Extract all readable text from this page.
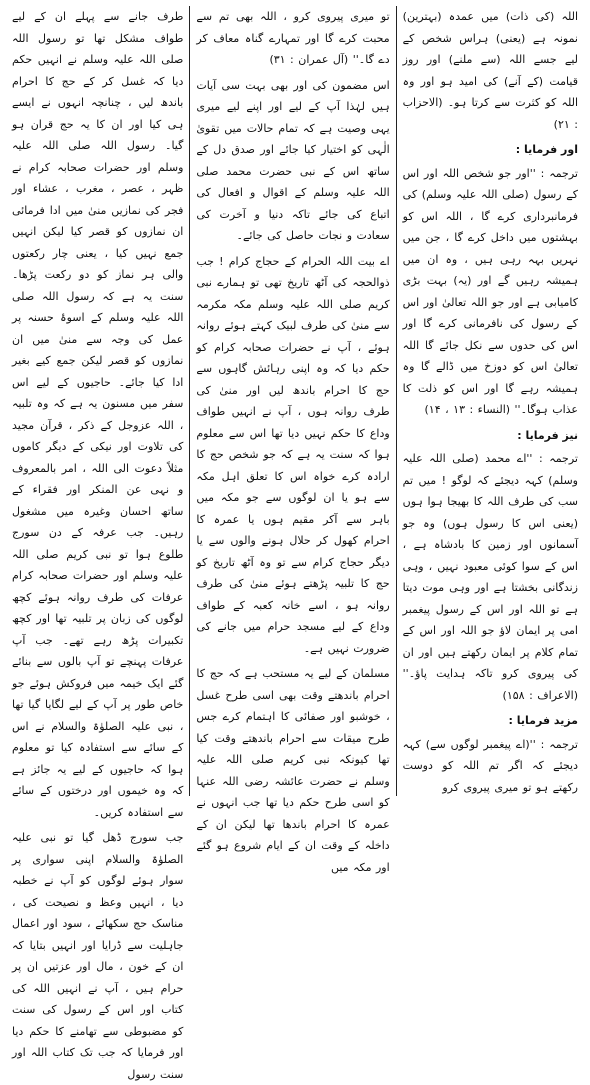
اللہ (کی ذات) میں عمدہ (بہترین) نمونہ ہے (یعنی) ہراس شخص کے لیے جسے اللہ (سے ملنے) اور روز قیامت (کے آنے) کی امید ہو اور وہ اللہ کو کثرت سے کرتا ہو۔ (الاحزاب : ۲۱)

اور فرمایا :

ترجمہ : ''اور جو شخص اللہ اور اس کے رسول (صلی اللہ علیہ وسلم) کی فرمانبرداری کرے گا ، اللہ اس کو بہشتوں میں داخل کرے گا ، جن میں نہریں بہہ رہی ہیں ، وہ ان میں ہمیشہ رہیں گے اور (یہ) بہت بڑی کامیابی ہے اور جو اللہ تعالیٰ اور اس کے رسول کی نافرمانی کرے گا اور اس کی حدوں سے نکل جائے گا اللہ تعالیٰ اس کو دوزخ میں ڈالے گا وہ ہمیشہ رہے گا اور اس کو ذلت کا عذاب ہوگا۔'' (النساء : ۱۳ ، ۱۴)

نیز فرمایا :

ترجمہ : ''اے محمد (صلی اللہ علیہ وسلم) کہہ دیجئے کہ لوگو ! میں تم سب کی طرف اللہ کا بھیجا ہوا ہوں (یعنی اس کا رسول ہوں) وہ جو آسمانوں اور زمین کا بادشاہ ہے ، اس کے سوا کوئی معبود نہیں ، وہی زندگانی بخشتا ہے اور وہی موت دیتا ہے تو اللہ اور اس کے رسول پیغمبر امی پر ایمان لاؤ جو اللہ اور اس کے تمام کلام پر ایمان رکھتے ہیں اور ان کی پیروی کرو تاکہ ہدایت پاؤ۔'' (الاعراف : ۱۵۸)

مزید فرمایا :

ترجمہ : ''(اے پیغمبر لوگوں سے) کہہ دیجئے کہ اگر تم اللہ کو دوست رکھتے ہو تو میری پیروی کرو

تو میری پیروی کرو ، اللہ بھی تم سے محبت کرے گا اور تمہارے گناہ معاف کر دے گا۔'' (آل عمران : ۳۱)

اس مضمون کی اور بھی بہت سی آیات ہیں لہٰذا آپ کے لیے اور اپنے لیے میری یہی وصیت ہے کہ تمام حالات میں تقویٰ الٰہی کو اختیار کیا جائے اور صدق دل کے ساتھ اس کے نبی حضرت محمد صلی اللہ علیہ وسلم کے اقوال و افعال کی اتباع کی جائے تاکہ دنیا و آخرت کی سعادت و نجات حاصل کی جائے۔

اے بیت اللہ الحرام کے حجاج کرام ! جب ذوالحجہ کی آٹھ تاریخ تھی تو ہمارے نبی کریم صلی اللہ علیہ وسلم مکہ مکرمہ سے منیٰ کی طرف لبیک کہتے ہوئے روانہ ہوئے ، آپ نے حضرات صحابہ کرام کو حکم دیا کہ وہ اپنی رہائش گاہوں سے حج کا احرام باندھ لیں اور منیٰ کی طرف روانہ ہوں ، آپ نے انہیں طواف وداع کا حکم نہیں دیا تھا اس سے معلوم ہوا کہ سنت یہ ہے کہ جو شخص حج کا ارادہ کرے خواہ اس کا تعلق اہل مکہ سے ہو یا ان لوگوں سے جو مکہ میں باہر سے آکر مقیم ہوں یا عمرہ کا احرام کھول کر حلال ہونے والوں سے یا دیگر حجاج کرام سے تو وہ آٹھ تاریخ کو حج کا تلبیہ پڑھتے ہوئے منیٰ کی طرف روانہ ہو ، اسے خانہ کعبہ کے طواف وداع کے لیے مسجد حرام میں جانے کی ضرورت نہیں ہے۔

مسلمان کے لیے یہ مستحب ہے کہ حج کا احرام باندھتے وقت بھی اسی طرح غسل ، خوشبو اور صفائی کا اہتمام کرے جس طرح میقات سے احرام باندھتے وقت کیا تھا کیونکہ نبی کریم صلی اللہ علیہ وسلم نے حضرت عائشہ رضی اللہ عنہا کو اسی طرح حکم دیا تھا جب انہوں نے عمرہ کا احرام باندھا تھا لیکن ان کے داخلہ کے وقت ان کے ایام شروع ہو گئے اور مکہ میں

طرف جانے سے پہلے ان کے لیے طواف مشکل تھا تو رسول اللہ صلی اللہ علیہ وسلم نے انہیں حکم دیا کہ غسل کر کے حج کا احرام باندھ لیں ، چنانچہ انہوں نے ایسے ہی کیا اور ان کا یہ حج قران ہو گیا۔ رسول اللہ صلی اللہ علیہ وسلم اور حضرات صحابہ کرام نے ظہر ، عصر ، مغرب ، عشاء اور فجر کی نمازیں منیٰ میں ادا فرمائی ان نمازوں کو قصر کیا لیکن انہیں جمع نہیں کیا ، یعنی چار رکعتوں والی ہر نماز کو دو رکعت پڑھا۔ سنت یہ ہے کہ رسول اللہ صلی اللہ علیہ وسلم کے اسوۂ حسنہ پر عمل کی وجہ سے منیٰ میں ان نمازوں کو قصر لیکن جمع کیے بغیر ادا کیا جائے۔ حاجیوں کے لیے اس سفر میں مسنون یہ ہے کہ وہ تلبیہ ، اللہ عزوجل کے ذکر ، قرآن مجید کی تلاوت اور نیکی کے دیگر کاموں مثلاً دعوت الی اللہ ، امر بالمعروف و نہی عن المنکر اور فقراء کے ساتھ احسان وغیرہ میں مشغول رہیں۔ جب عرفہ کے دن سورج طلوع ہوا تو نبی کریم صلی اللہ علیہ وسلم اور حضرات صحابہ کرام عرفات کی طرف روانہ ہوئے کچھ لوگوں کی زبان پر تلبیہ تھا اور کچھ تکبیرات پڑھ رہے تھے۔ جب آپ عرفات پہنچے تو آپ بالوں سے بنائے گئے ایک خیمہ میں فروکش ہوئے جو خاص طور پر آپ کے لیے لگایا گیا تھا ، نبی علیہ الصلوٰۃ والسلام نے اس کے سائے سے استفادہ کیا تو معلوم ہوا کہ حاجیوں کے لیے یہ جائز ہے کہ وہ خیموں اور درختوں کے سائے سے استفادہ کریں۔

جب سورج ڈھل گیا تو نبی علیہ الصلوٰۃ والسلام اپنی سواری پر سوار ہوئے لوگوں کو آپ نے خطبہ دیا ، انہیں وعظ و نصیحت کی ، مناسک حج سکھائے ، سود اور اعمال جاہلیت سے ڈرایا اور انہیں بتایا کہ ان کے خون ، مال اور عزتیں ان پر حرام ہیں ، آپ نے انہیں اللہ کی کتاب اور اس کے رسول کی سنت کو مضبوطی سے تھامنے کا حکم دیا اور فرمایا کہ جب تک کتاب اللہ اور سنت رسول
